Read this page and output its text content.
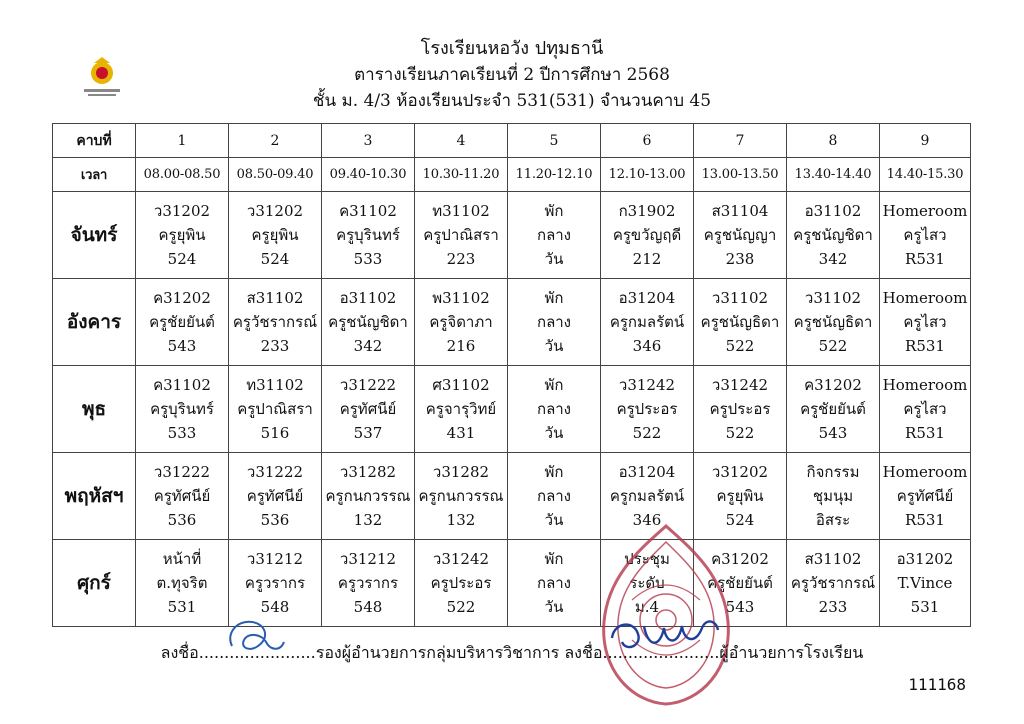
โรงเรียนหอวัง ปทุมธานี
ตารางเรียนภาคเรียนที่ 2 ปีการศึกษา 2568
ชั้น ม. 4/3 ห้องเรียนประจำ 531(531) จำนวนคาบ 45
คาบที่	1	2	3	4	5	6	7	8	9
เวลา	08.00-08.50	08.50-09.40	09.40-10.30	10.30-11.20	11.20-12.10	12.10-13.00	13.00-13.50	13.40-14.40	14.40-15.30
จันทร์	ว31202
ครูยุพิน
524	ว31202
ครูยุพิน
524	ค31102
ครูบุรินทร์
533	ท31102
ครูปาณิสรา
223	พัก
กลาง
วัน	ก31902
ครูขวัญฤดี
212	ส31104
ครูชนัญญา
238	อ31102
ครูชนัญชิดา
342	Homeroom
ครูไสว
R531

อังคาร	ค31202
ครูชัยยันต์
543	ส31102
ครูวัชรากรณ์
233	อ31102
ครูชนัญชิดา
342	พ31102
ครูจิดาภา
216	พัก
กลาง
วัน	อ31204
ครูกมลรัตน์
346	ว31102
ครูชนัญธิดา
522	ว31102
ครูชนัญธิดา
522	Homeroom
ครูไสว
R531

พุธ	ค31102
ครูบุรินทร์
533	ท31102
ครูปาณิสรา
516	ว31222
ครูทัศนีย์
537	ศ31102
ครูจารุวิทย์
431	พัก
กลาง
วัน	ว31242
ครูประอร
522	ว31242
ครูประอร
522	ค31202
ครูชัยยันต์
543	Homeroom
ครูไสว
R531

พฤหัสฯ	ว31222
ครูทัศนีย์
536	ว31222
ครูทัศนีย์
536	ว31282
ครูกนกวรรณ
132	ว31282
ครูกนกวรรณ
132	พัก
กลาง
วัน	อ31204
ครูกมลรัตน์
346	ว31202
ครูยุพิน
524	กิจกรรม
ชุมนุม
อิสระ	Homeroom
ครูทัศนีย์
R531

ศุกร์	หน้าที่
ต.ทุจริต
531	ว31212
ครูวรากร
548	ว31212
ครูวรากร
548	ว31242
ครูประอร
522	พัก
กลาง
วัน	ประชุม
ระดับ
ม.4	ค31202
ครูชัยยันต์
543	ส31102
ครูวัชรากรณ์
233	อ31202
T.Vince
531
ลงชื่อ.......................รองผู้อำนวยการกลุ่มบริหารวิชาการ ลงชื่อ.......................ผู้อำนวยการโรงเรียน
111168
